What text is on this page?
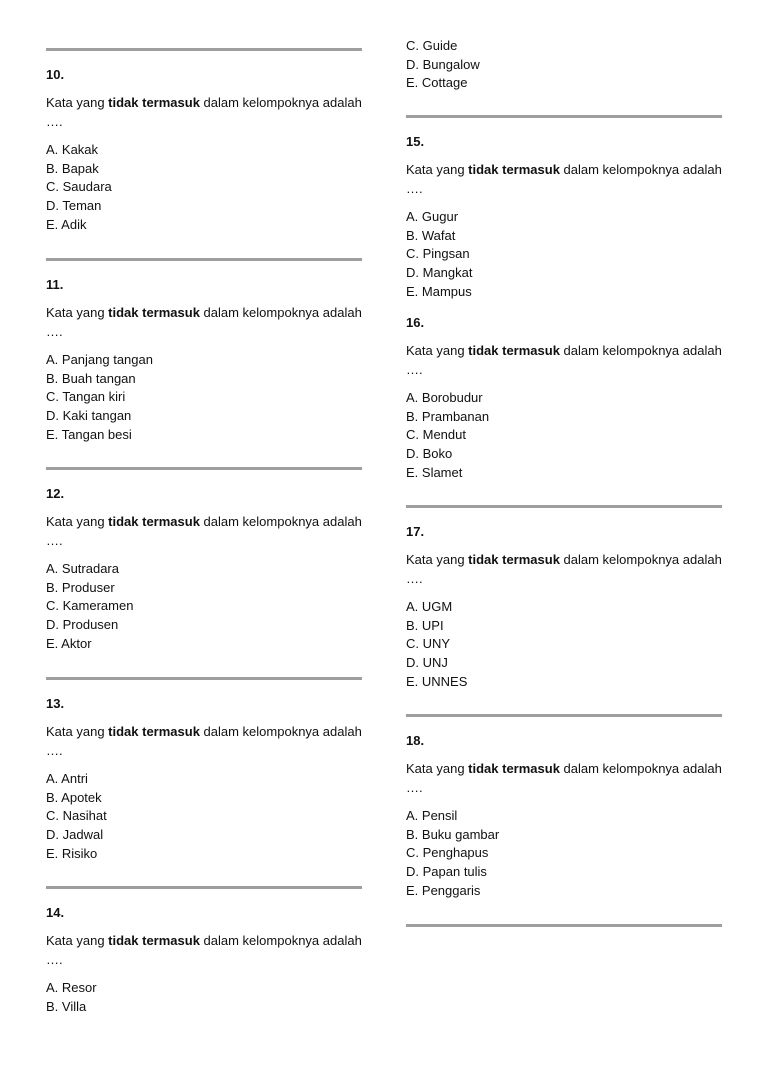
10.

Kata yang tidak termasuk dalam kelompoknya adalah ….

A. Kakak
B. Bapak
C. Saudara
D. Teman
E. Adik

11.

Kata yang tidak termasuk dalam kelompoknya adalah ….

A. Panjang tangan
B. Buah tangan
C. Tangan kiri
D. Kaki tangan
E. Tangan besi

12.

Kata yang tidak termasuk dalam kelompoknya adalah ….

A. Sutradara
B. Produser
C. Kameramen
D. Produsen
E. Aktor

13.

Kata yang tidak termasuk dalam kelompoknya adalah ….

A. Antri
B. Apotek
C. Nasihat
D. Jadwal
E. Risiko

14.

Kata yang tidak termasuk dalam kelompoknya adalah ….

A. Resor
B. Villa
C. Guide
D. Bungalow
E. Cottage

15.

Kata yang tidak termasuk dalam kelompoknya adalah ….

A. Gugur
B. Wafat
C. Pingsan
D. Mangkat
E. Mampus

16.

Kata yang tidak termasuk dalam kelompoknya adalah ….

A. Borobudur
B. Prambanan
C. Mendut
D. Boko
E. Slamet

17.

Kata yang tidak termasuk dalam kelompoknya adalah ….

A. UGM
B. UPI
C. UNY
D. UNJ
E. UNNES

18.

Kata yang tidak termasuk dalam kelompoknya adalah ….

A. Pensil
B. Buku gambar
C. Penghapus
D. Papan tulis
E. Penggaris
